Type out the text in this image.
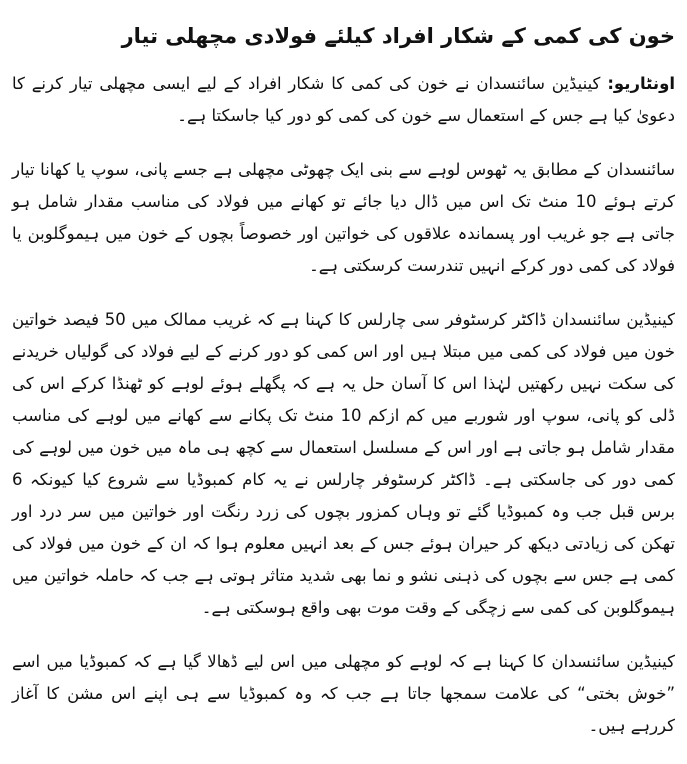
خون کی کمی کے شکار افراد کیلئے فولادی مچھلی تیار

اونٹاریو: کینیڈین سائنسدان نے خون کی کمی کا شکار افراد کے لیے ایسی مچھلی تیار کرنے کا دعویٰ کیا ہے جس کے استعمال سے خون کی کمی کو دور کیا جاسکتا ہے۔

سائنسدان کے مطابق یہ ٹھوس لوہے سے بنی ایک چھوٹی مچھلی ہے جسے پانی، سوپ یا کھانا تیار کرتے ہوئے 10 منٹ تک اس میں ڈال دیا جائے تو کھانے میں فولاد کی مناسب مقدار شامل ہو جاتی ہے جو غریب اور پسماندہ علاقوں کی خواتین اور خصوصاً بچوں کے خون میں ہیموگلوبن یا فولاد کی کمی دور کرکے انہیں تندرست کرسکتی ہے۔

کینیڈین سائنسدان ڈاکٹر کرسٹوفر سی چارلس کا کہنا ہے کہ غریب ممالک میں 50 فیصد خواتین خون میں فولاد کی کمی میں مبتلا ہیں اور اس کمی کو دور کرنے کے لیے فولاد کی گولیاں خریدنے کی سکت نہیں رکھتیں لہٰذا اس کا آسان حل یہ ہے کہ پگھلے ہوئے لوہے کو ٹھنڈا کرکے اس کی ڈلی کو پانی، سوپ اور شوربے میں کم ازکم 10 منٹ تک پکانے سے کھانے میں لوہے کی مناسب مقدار شامل ہو جاتی ہے اور اس کے مسلسل استعمال سے کچھ ہی ماہ میں خون میں لوہے کی کمی دور کی جاسکتی ہے۔ ڈاکٹر کرسٹوفر چارلس نے یہ کام کمبوڈیا سے شروع کیا کیونکہ 6 برس قبل جب وہ کمبوڈیا گئے تو وہاں کمزور بچوں کی زرد رنگت اور خواتین میں سر درد اور تھکن کی زیادتی دیکھ کر حیران ہوئے جس کے بعد انہیں معلوم ہوا کہ ان کے خون میں فولاد کی کمی ہے جس سے بچوں کی ذہنی نشو و نما بھی شدید متاثر ہوتی ہے جب کہ حاملہ خواتین میں ہیموگلوبن کی کمی سے زچگی کے وقت موت بھی واقع ہوسکتی ہے۔

کینیڈین سائنسدان کا کہنا ہے کہ لوہے کو مچھلی میں اس لیے ڈھالا گیا ہے کہ کمبوڈیا میں اسے ”خوش بختی“ کی علامت سمجھا جاتا ہے جب کہ وہ کمبوڈیا سے ہی اپنے اس مشن کا آغاز کررہے ہیں۔
